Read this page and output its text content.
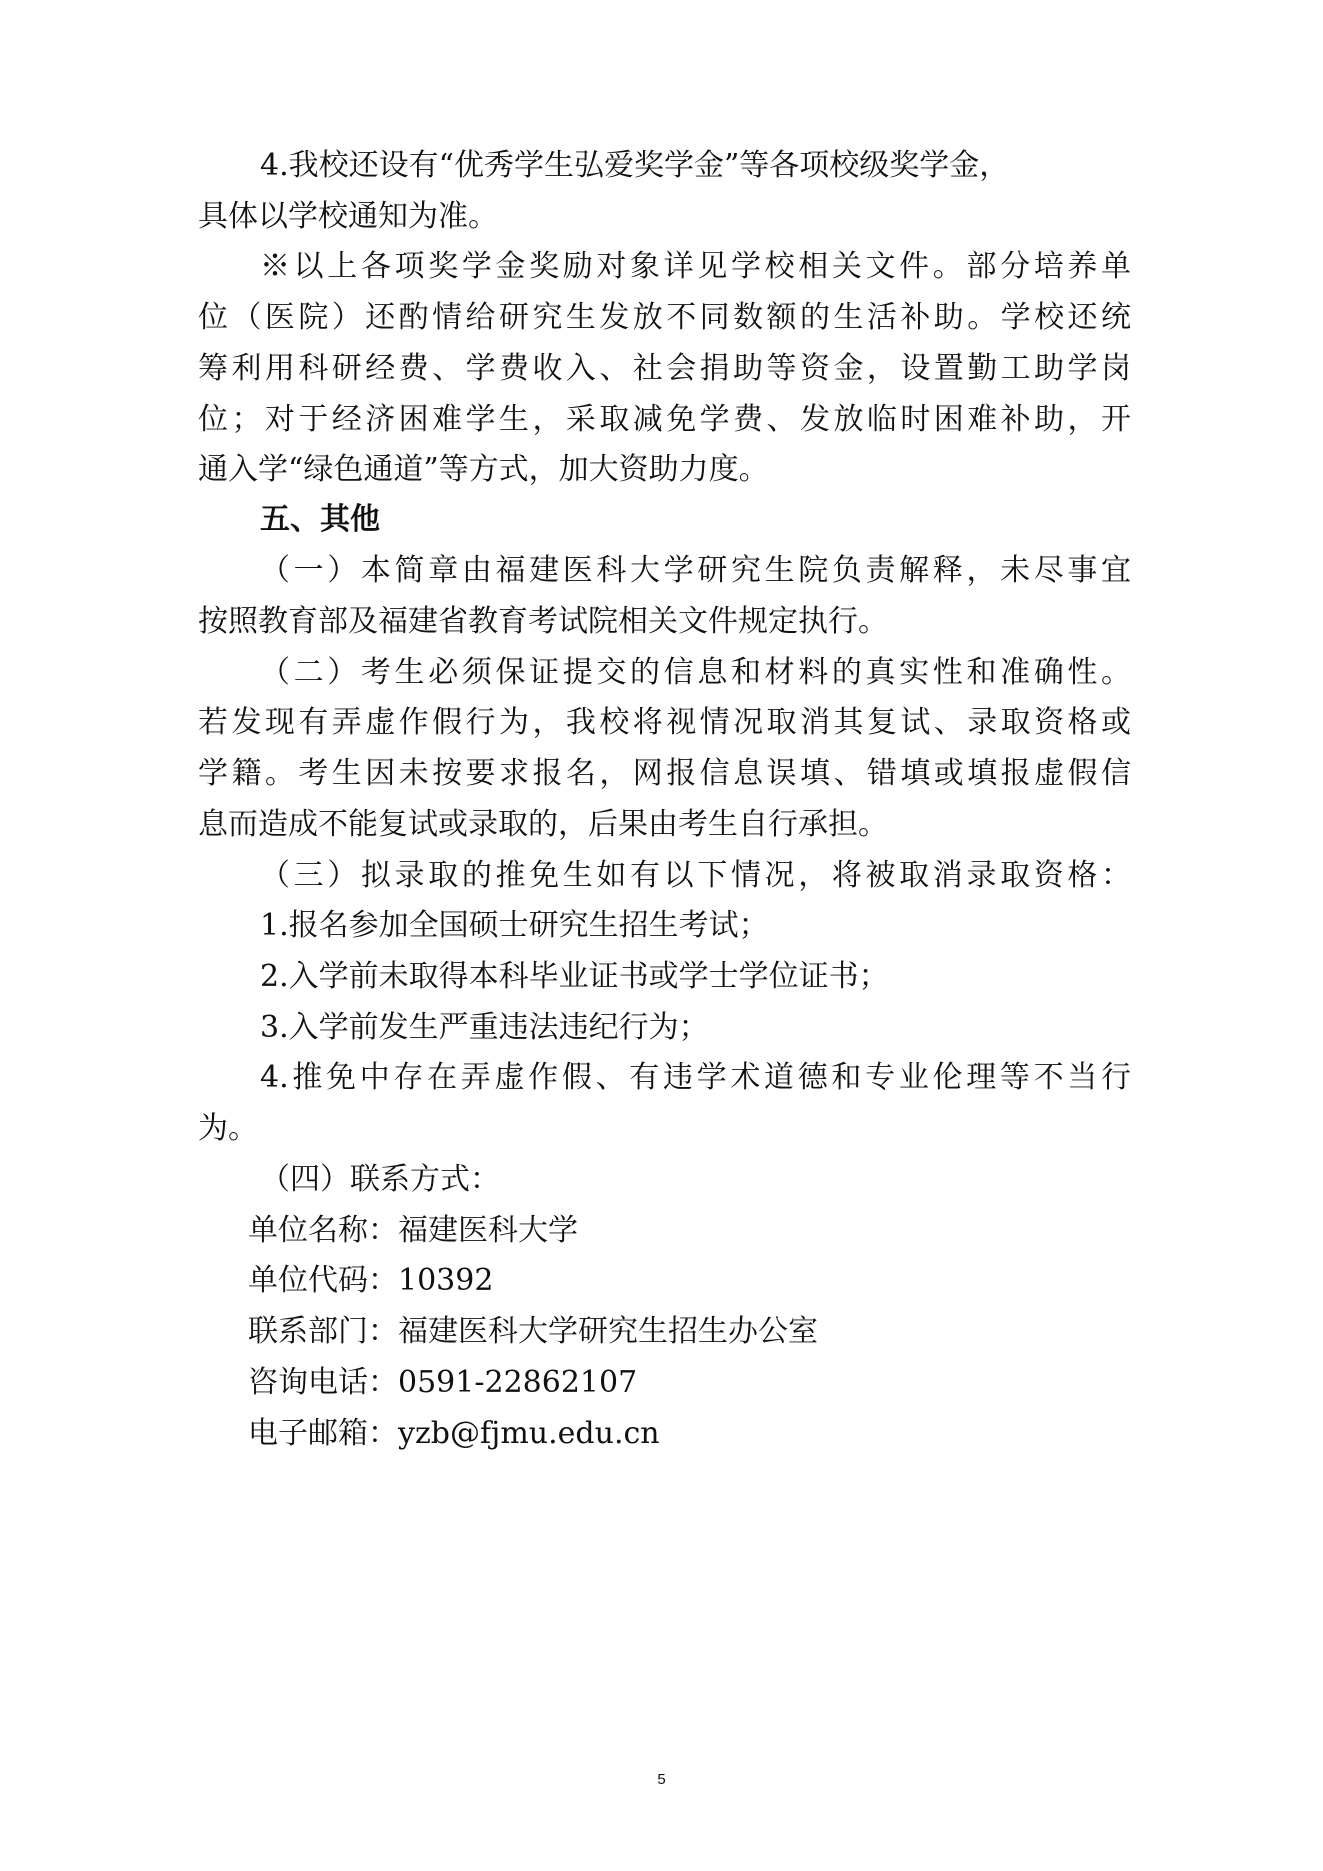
4.我校还设有“优秀学生弘爱奖学金”等各项校级奖学金，

具体以学校通知为准。

※以上各项奖学金奖励对象详见学校相关文件。部分培养单

位（医院）还酌情给研究生发放不同数额的生活补助。学校还统

筹利用科研经费、学费收入、社会捐助等资金，设置勤工助学岗

位；对于经济困难学生，采取减免学费、发放临时困难补助，开

通入学“绿色通道”等方式，加大资助力度。

五、其他

（一）本简章由福建医科大学研究生院负责解释，未尽事宜

按照教育部及福建省教育考试院相关文件规定执行。

（二）考生必须保证提交的信息和材料的真实性和准确性。

若发现有弄虚作假行为，我校将视情况取消其复试、录取资格或

学籍。考生因未按要求报名，网报信息误填、错填或填报虚假信

息而造成不能复试或录取的，后果由考生自行承担。

（三）拟录取的推免生如有以下情况，将被取消录取资格：

1.报名参加全国硕士研究生招生考试；

2.入学前未取得本科毕业证书或学士学位证书；

3.入学前发生严重违法违纪行为；

4.推免中存在弄虚作假、有违学术道德和专业伦理等不当行

为。

（四）联系方式：

单位名称：福建医科大学

单位代码：10392

联系部门：福建医科大学研究生招生办公室

咨询电话：0591-22862107

电子邮箱：yzb@fjmu.edu.cn

5
